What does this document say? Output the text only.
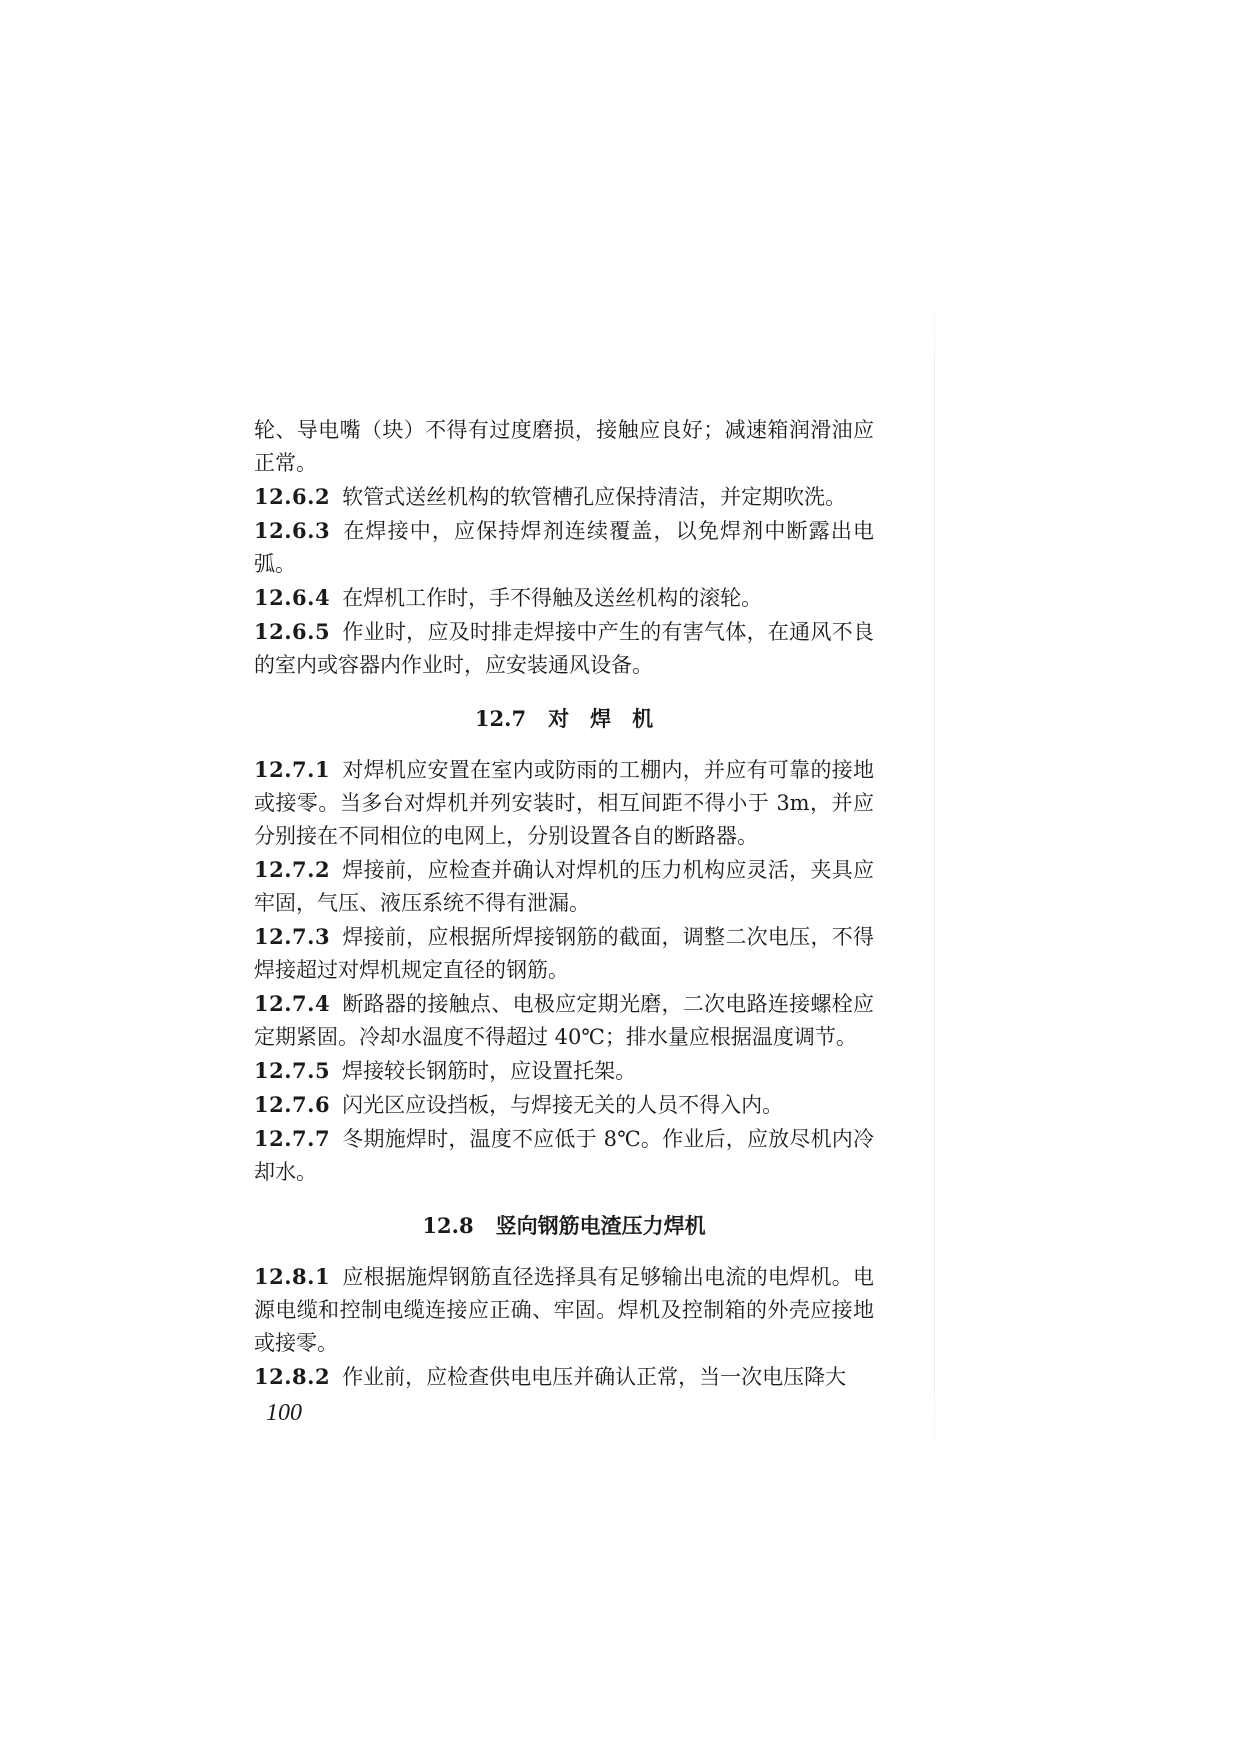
轮、导电嘴（块）不得有过度磨损，接触应良好；减速箱润滑油应正常。

12.6.2 软管式送丝机构的软管槽孔应保持清洁，并定期吹洗。

12.6.3 在焊接中，应保持焊剂连续覆盖，以免焊剂中断露出电弧。

12.6.4 在焊机工作时，手不得触及送丝机构的滚轮。

12.6.5 作业时，应及时排走焊接中产生的有害气体，在通风不良的室内或容器内作业时，应安装通风设备。

12.7 对　焊　机

12.7.1 对焊机应安置在室内或防雨的工棚内，并应有可靠的接地或接零。当多台对焊机并列安装时，相互间距不得小于 3m，并应分别接在不同相位的电网上，分别设置各自的断路器。

12.7.2 焊接前，应检查并确认对焊机的压力机构应灵活，夹具应牢固，气压、液压系统不得有泄漏。

12.7.3 焊接前，应根据所焊接钢筋的截面，调整二次电压，不得焊接超过对焊机规定直径的钢筋。

12.7.4 断路器的接触点、电极应定期光磨，二次电路连接螺栓应定期紧固。冷却水温度不得超过 40℃；排水量应根据温度调节。

12.7.5 焊接较长钢筋时，应设置托架。

12.7.6 闪光区应设挡板，与焊接无关的人员不得入内。

12.7.7 冬期施焊时，温度不应低于 8℃。作业后，应放尽机内冷却水。

12.8 竖向钢筋电渣压力焊机

12.8.1 应根据施焊钢筋直径选择具有足够输出电流的电焊机。电源电缆和控制电缆连接应正确、牢固。焊机及控制箱的外壳应接地或接零。

12.8.2 作业前，应检查供电电压并确认正常，当一次电压降大

100
